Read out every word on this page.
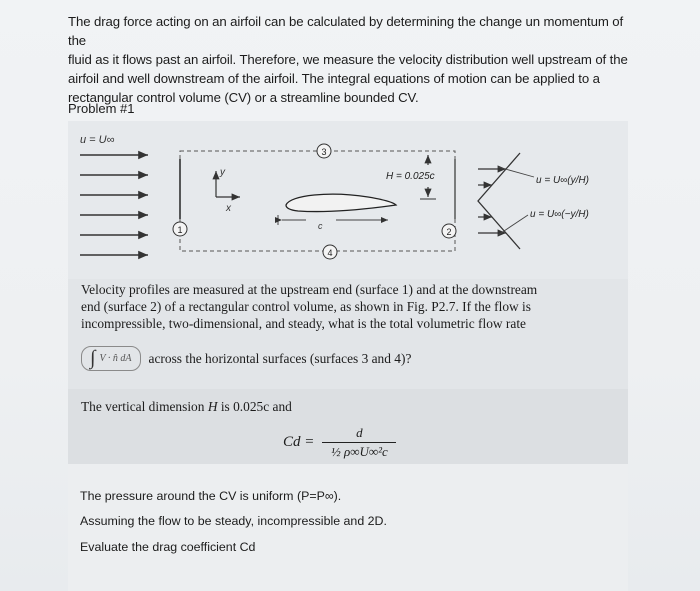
The drag force acting on an airfoil can be calculated by determining the change un momentum of the
fluid as it flows past an airfoil. Therefore, we measure the velocity distribution well upstream of the
airfoil and well downstream of the airfoil. The integral equations of motion can be applied to a
rectangular control volume (CV) or a streamline bounded CV.
Problem #1
u = U∞
1
3
4
2
y
x
c
H = 0.025c	u = U∞(y/H)
u = U∞(−y/H)
Velocity profiles are measured at the upstream end (surface 1) and at the downstream
end (surface 2) of a rectangular control volume, as shown in Fig. P2.7. If the flow is
incompressible, two-dimensional, and steady, what is the total volumetric flow rate
∫ V · n̂ dA across the horizontal surfaces (surfaces 3 and 4)?
The vertical dimension H is 0.025c and
$Cd = \frac{d}{\text{½ ρ∞U∞²c}}$
The pressure around the CV is uniform (P=P∞).
Assuming the flow to be steady, incompressible and 2D.
Evaluate the drag coefficient Cd
